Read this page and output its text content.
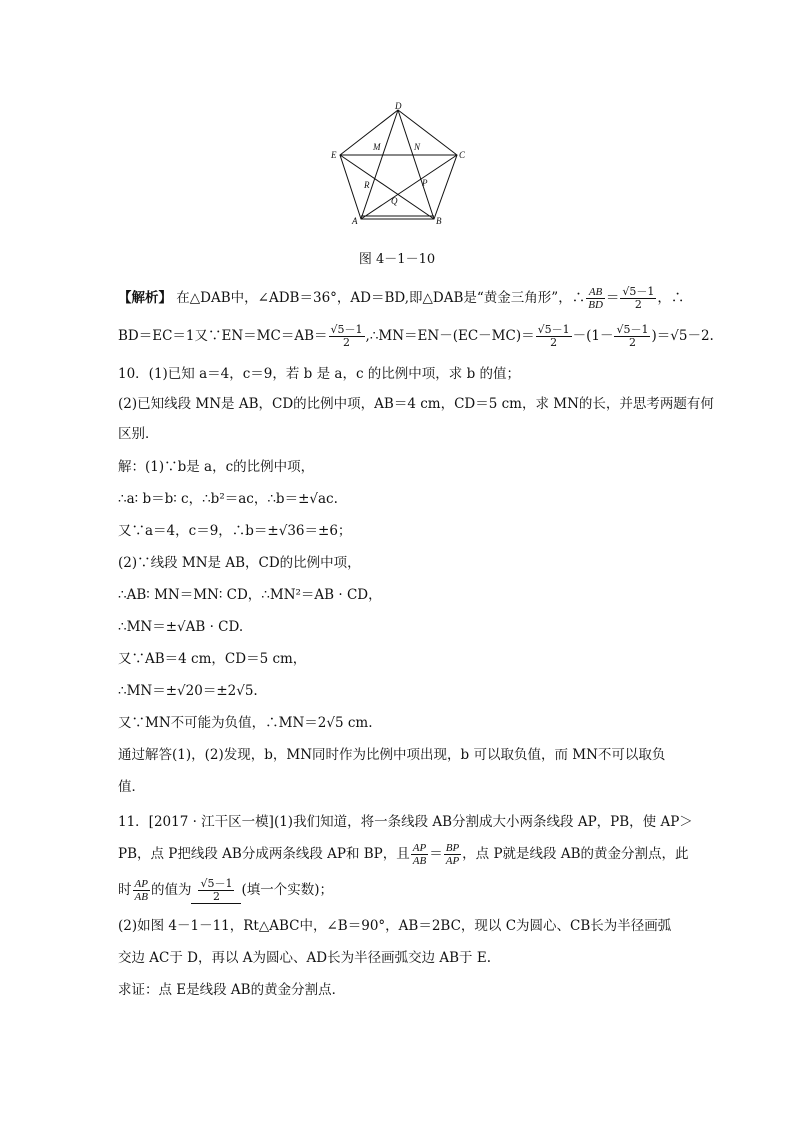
D
E	C
A	B
M	N
R	P
Q
图 4－1－10
【解析】 在△DAB中，∠ADB＝36°，AD＝BD,即△DAB是“黄金三角形”，∴ $\frac{AB}{BD} = \frac{√5-1}{2}$ ，∴
BD＝EC＝1又∵EN＝MC＝AB＝ $\frac{√5-1}{2}$ ,∴MN＝EN－(EC－MC)＝ $\frac{√5-1}{2} -(1- \frac{√5-1}{2} )=√5-2$.
10．(1)已知 a＝4，c＝9，若 b 是 a，c 的比例中项，求 b 的值；
(2)已知线段 MN是 AB，CD的比例中项，AB＝4 cm，CD＝5 cm，求 MN的长，并思考两题有何
区别．
解：(1)∵b是 a，c的比例中项，
∴a∶ b＝b∶ c，∴b²＝ac，∴b＝±√ac.
又∵a＝4，c＝9，∴b＝±√36＝±6；
(2)∵线段 MN是 AB，CD的比例中项，
∴AB∶ MN＝MN∶ CD，∴MN²＝AB · CD，
∴MN＝±√AB · CD.
又∵AB＝4 cm，CD＝5 cm，
∴MN＝±√20＝±2√5.
又∵MN不可能为负值，∴MN＝2√5 cm.
通过解答(1)，(2)发现，b，MN同时作为比例中项出现，b 可以取负值，而 MN不可以取负
值．
11．[2017 · 江干区一模](1)我们知道，将一条线段 AB分割成大小两条线段 AP，PB，使 AP＞
PB，点 P把线段 AB分成两条线段 AP和 BP，且 $\frac{AP}{AB} = \frac{BP}{AP}$ ，点 P就是线段 AB的黄金分割点，此
时 $\frac{AP}{AB}$ 的值为 $\frac{√5-1}{2}$ (填一个实数)；
(2)如图 4－1－11，Rt△ABC中，∠B＝90°，AB＝2BC，现以 C为圆心、CB长为半径画弧
交边 AC于 D，再以 A为圆心、AD长为半径画弧交边 AB于 E.
求证：点 E是线段 AB的黄金分割点．
